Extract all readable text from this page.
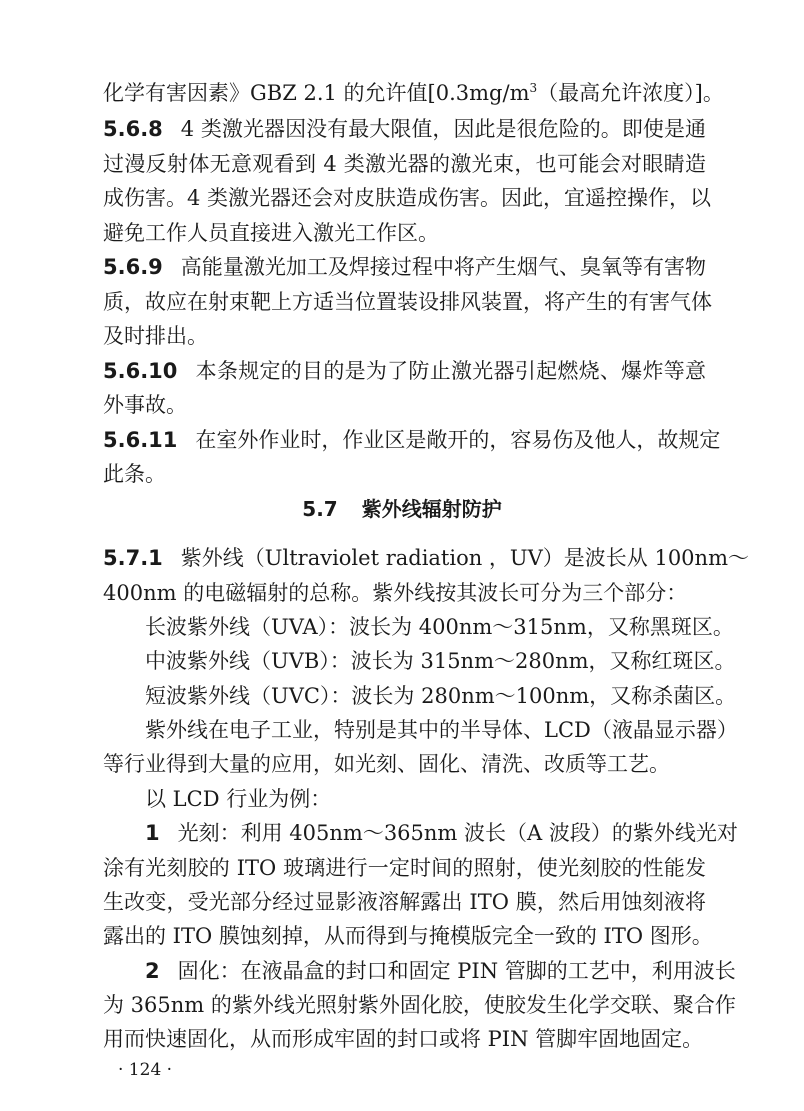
化学有害因素》GBZ 2.1 的允许值[$0.3mg/m^3$（最高允许浓度）]。
5.6.8 4 类激光器因没有最大限值，因此是很危险的。即使是通
过漫反射体无意观看到 4 类激光器的激光束，也可能会对眼睛造
成伤害。4 类激光器还会对皮肤造成伤害。因此，宜遥控操作，以
避免工作人员直接进入激光工作区。
5.6.9 高能量激光加工及焊接过程中将产生烟气、臭氧等有害物
质，故应在射束靶上方适当位置装设排风装置，将产生的有害气体
及时排出。
5.6.10 本条规定的目的是为了防止激光器引起燃烧、爆炸等意
外事故。
5.6.11 在室外作业时，作业区是敞开的，容易伤及他人，故规定
此条。
5.7 紫外线辐射防护
5.7.1 紫外线（Ultraviolet radiation ，UV）是波长从 100nm～
400nm 的电磁辐射的总称。紫外线按其波长可分为三个部分：
长波紫外线（UVA）：波长为 400nm～315nm，又称黑斑区。
中波紫外线（UVB）：波长为 315nm～280nm，又称红斑区。
短波紫外线（UVC）：波长为 280nm～100nm，又称杀菌区。
紫外线在电子工业，特别是其中的半导体、LCD（液晶显示器）
等行业得到大量的应用，如光刻、固化、清洗、改质等工艺。
以 LCD 行业为例：
1 光刻：利用 405nm～365nm 波长（A 波段）的紫外线光对
涂有光刻胶的 ITO 玻璃进行一定时间的照射，使光刻胶的性能发
生改变，受光部分经过显影液溶解露出 ITO 膜，然后用蚀刻液将
露出的 ITO 膜蚀刻掉，从而得到与掩模版完全一致的 ITO 图形。
2 固化：在液晶盒的封口和固定 PIN 管脚的工艺中，利用波长
为 365nm 的紫外线光照射紫外固化胶，使胶发生化学交联、聚合作
用而快速固化，从而形成牢固的封口或将 PIN 管脚牢固地固定。
· 124 ·
